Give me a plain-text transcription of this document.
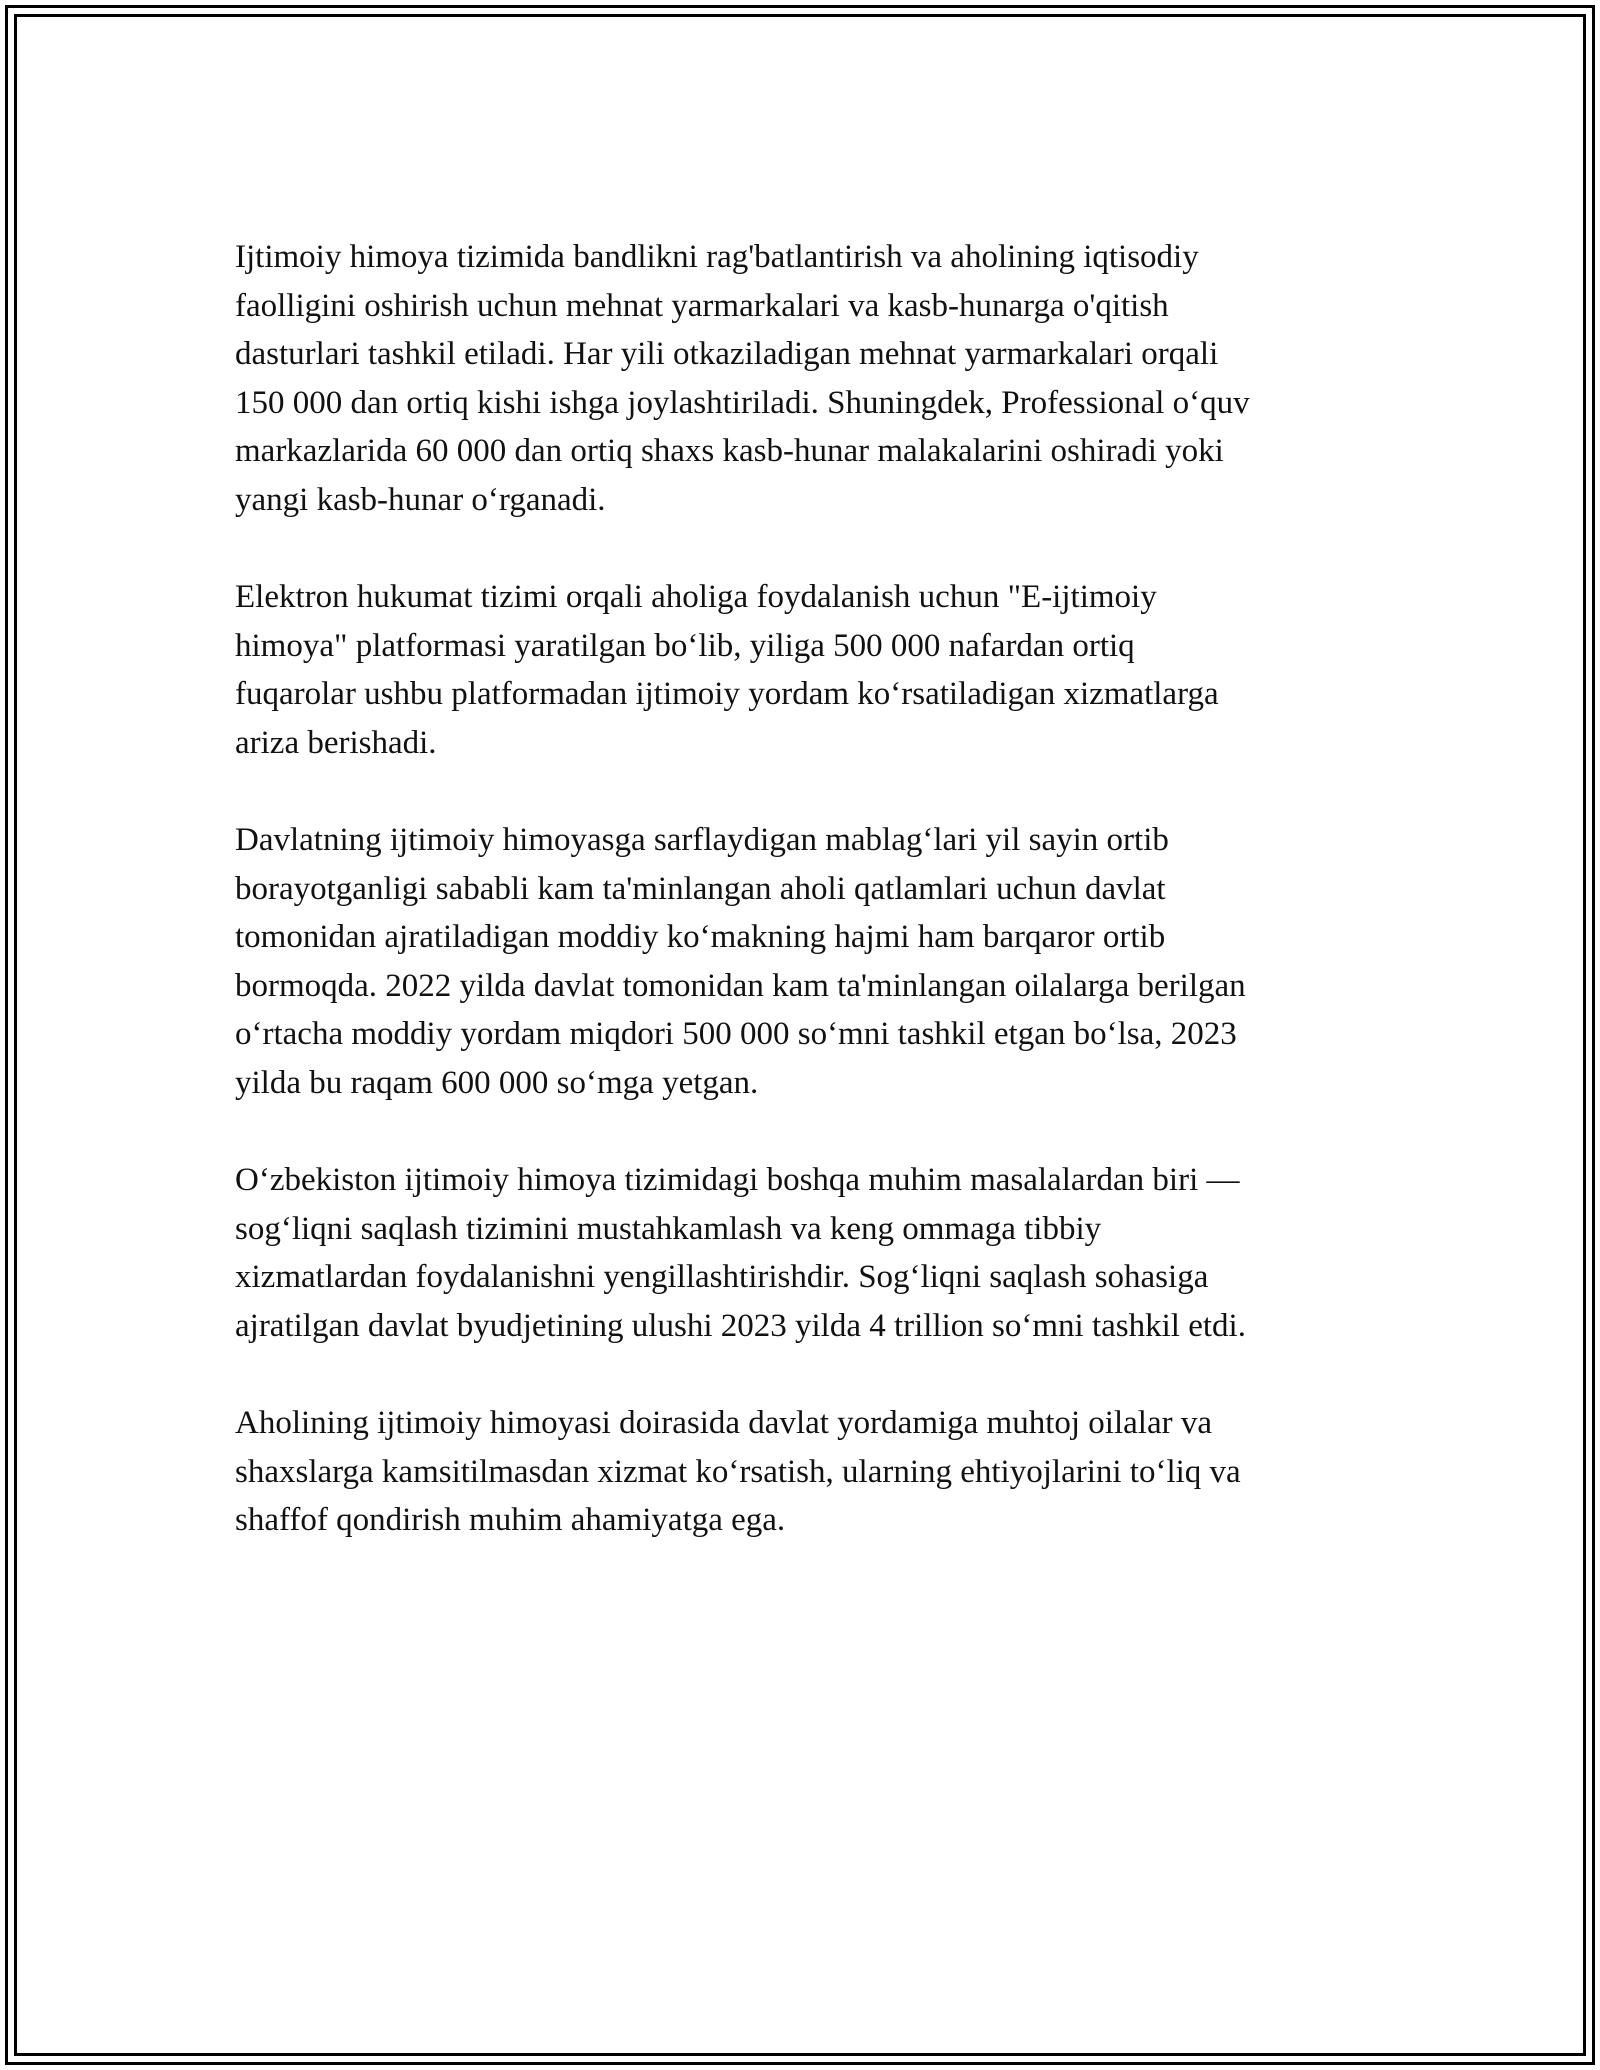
Ijtimoiy himoya tizimida bandlikni rag'batlantirish va aholining iqtisodiy
faolligini oshirish uchun mehnat yarmarkalari va kasb-hunarga o'qitish
dasturlari tashkil etiladi. Har yili otkaziladigan mehnat yarmarkalari orqali
150 000 dan ortiq kishi ishga joylashtiriladi. Shuningdek, Professional oʻquv
markazlarida 60 000 dan ortiq shaxs kasb-hunar malakalarini oshiradi yoki
yangi kasb-hunar oʻrganadi.

Elektron hukumat tizimi orqali aholiga foydalanish uchun "E-ijtimoiy
himoya" platformasi yaratilgan boʻlib, yiliga 500 000 nafardan ortiq
fuqarolar ushbu platformadan ijtimoiy yordam koʻrsatiladigan xizmatlarga
ariza berishadi.

Davlatning ijtimoiy himoyasga sarflaydigan mablagʻlari yil sayin ortib
borayotganligi sababli kam ta'minlangan aholi qatlamlari uchun davlat
tomonidan ajratiladigan moddiy koʻmakning hajmi ham barqaror ortib
bormoqda. 2022 yilda davlat tomonidan kam ta'minlangan oilalarga berilgan
oʻrtacha moddiy yordam miqdori 500 000 soʻmni tashkil etgan boʻlsa, 2023
yilda bu raqam 600 000 soʻmga yetgan.

Oʻzbekiston ijtimoiy himoya tizimidagi boshqa muhim masalalardan biri —
sogʻliqni saqlash tizimini mustahkamlash va keng ommaga tibbiy
xizmatlardan foydalanishni yengillashtirishdir. Sogʻliqni saqlash sohasiga
ajratilgan davlat byudjetining ulushi 2023 yilda 4 trillion soʻmni tashkil etdi.

Aholining ijtimoiy himoyasi doirasida davlat yordamiga muhtoj oilalar va
shaxslarga kamsitilmasdan xizmat koʻrsatish, ularning ehtiyojlarini toʻliq va
shaffof qondirish muhim ahamiyatga ega.
